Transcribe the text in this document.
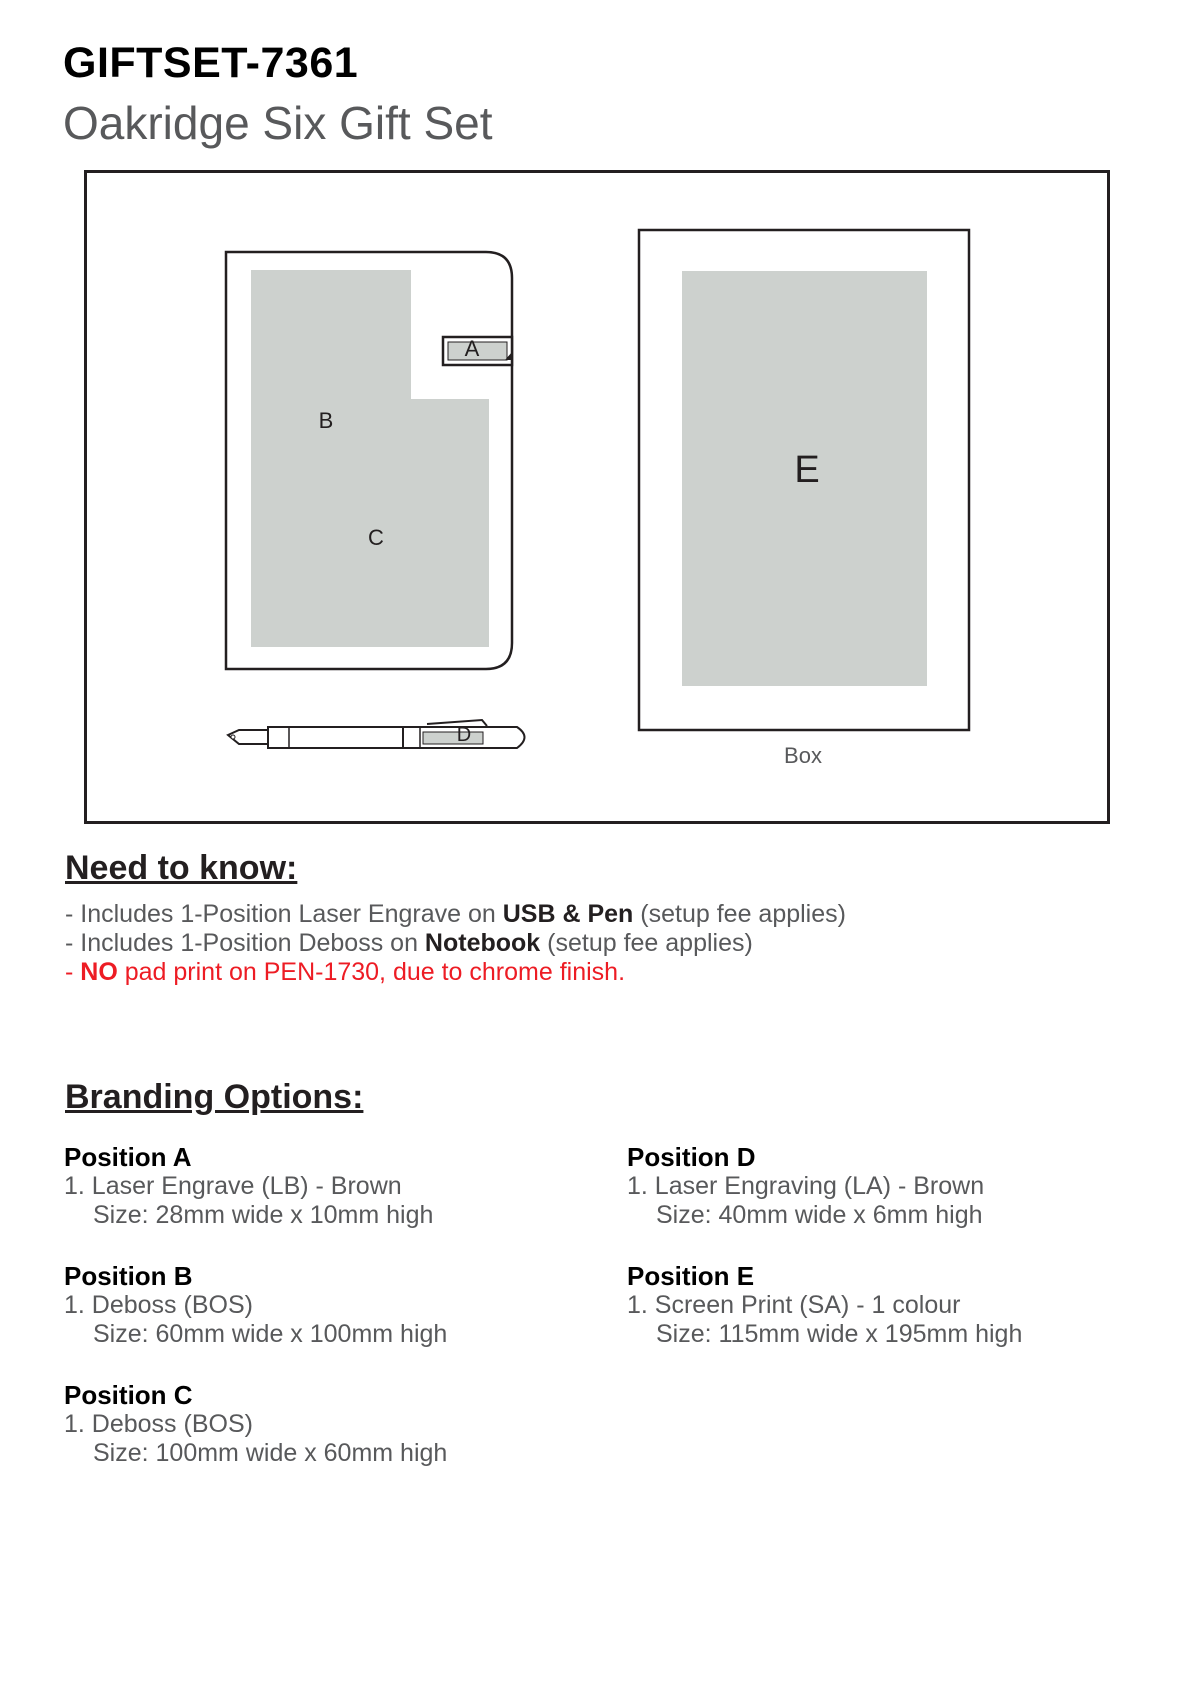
GIFTSET-7361
Oakridge Six Gift Set
A
B
C
D
E
Box
Need to know:
- Includes 1-Position Laser Engrave on USB & Pen (setup fee applies)
- Includes 1-Position Deboss on Notebook (setup fee applies)
- NO pad print on PEN-1730, due to chrome finish.
Branding Options:
Position A
1. Laser Engrave (LB) - Brown
Size: 28mm wide x 10mm high
Position B
1. Deboss (BOS)
Size: 60mm wide x 100mm high
Position C
1. Deboss (BOS)
Size: 100mm wide x 60mm high
Position D
1. Laser Engraving (LA) - Brown
Size: 40mm wide x 6mm high
Position E
1. Screen Print (SA) - 1 colour
Size: 115mm wide x 195mm high
